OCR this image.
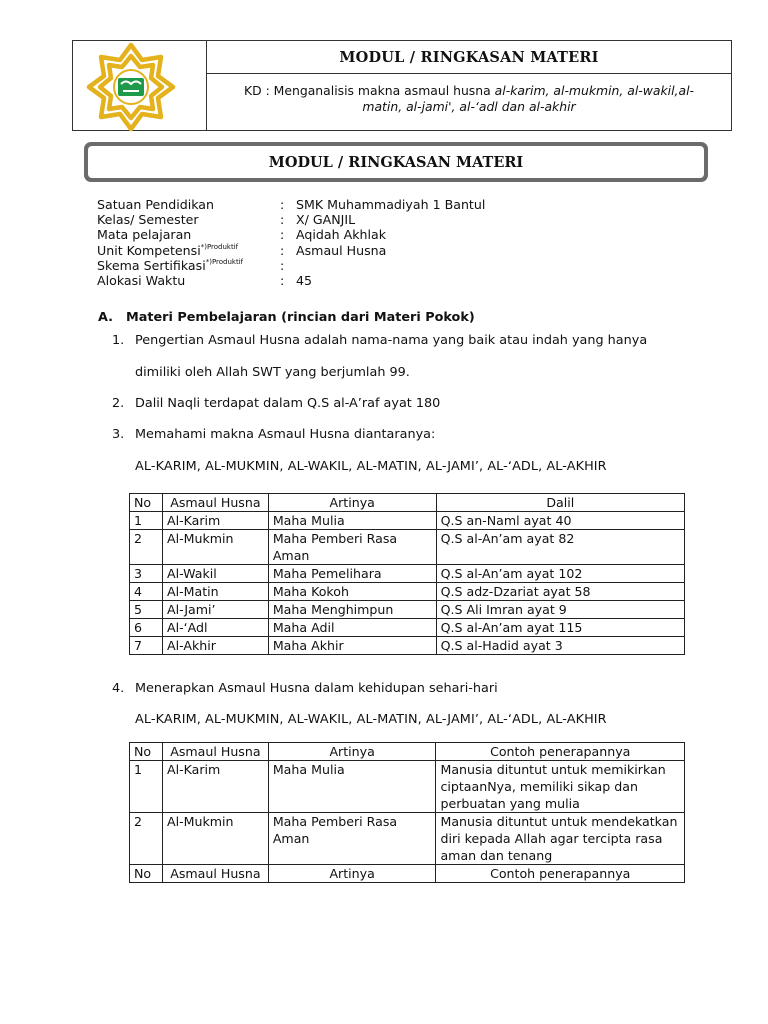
MODUL / RINGKASAN MATERI
KD : Menganalisis makna asmaul husna al-karim, al-mukmin, al-wakil,al-
matin, al-jami', al-‘adl dan al-akhir
MODUL / RINGKASAN MATERI
Satuan Pendidikan	: SMK Muhammadiyah 1 Bantul
Kelas/ Semester	: X/ GANJIL
Mata pelajaran	: Aqidah Akhlak
Unit Kompetensi$^{*)Produktif}$	: Asmaul Husna
Skema Sertifikasi$^{*)Produktif}$	:
Alokasi Waktu	: 45
A. Materi Pembelajaran (rincian dari Materi Pokok)
1. Pengertian Asmaul Husna adalah nama-nama yang baik atau indah yang hanya
dimiliki oleh Allah SWT yang berjumlah 99.
2. Dalil Naqli terdapat dalam Q.S al-A’raf ayat 180
3. Memahami makna Asmaul Husna diantaranya:
AL-KARIM, AL-MUKMIN, AL-WAKIL, AL-MATIN, AL-JAMI’, AL-‘ADL, AL-AKHIR
No	Asmaul Husna	Artinya	Dalil
1	Al-Karim	Maha Mulia	Q.S an-Naml ayat 40
2	Al-Mukmin	Maha Pemberi Rasa Aman	Q.S al-An’am ayat 82
3	Al-Wakil	Maha Pemelihara	Q.S al-An’am ayat 102
4	Al-Matin	Maha Kokoh	Q.S adz-Dzariat ayat 58
5	Al-Jami’	Maha Menghimpun	Q.S Ali Imran ayat 9
6	Al-‘Adl	Maha Adil	Q.S al-An’am ayat 115
7	Al-Akhir	Maha Akhir	Q.S al-Hadid ayat 3
4. Menerapkan Asmaul Husna dalam kehidupan sehari-hari
AL-KARIM, AL-MUKMIN, AL-WAKIL, AL-MATIN, AL-JAMI’, AL-‘ADL, AL-AKHIR
No	Asmaul Husna	Artinya	Contoh penerapannya
1	Al-Karim	Maha Mulia	Manusia dituntut untuk memikirkan ciptaanNya, memiliki sikap dan perbuatan yang mulia
2	Al-Mukmin	Maha Pemberi Rasa Aman	Manusia dituntut untuk mendekatkan diri kepada Allah agar tercipta rasa aman dan tenang
No	Asmaul Husna	Artinya	Contoh penerapannya
